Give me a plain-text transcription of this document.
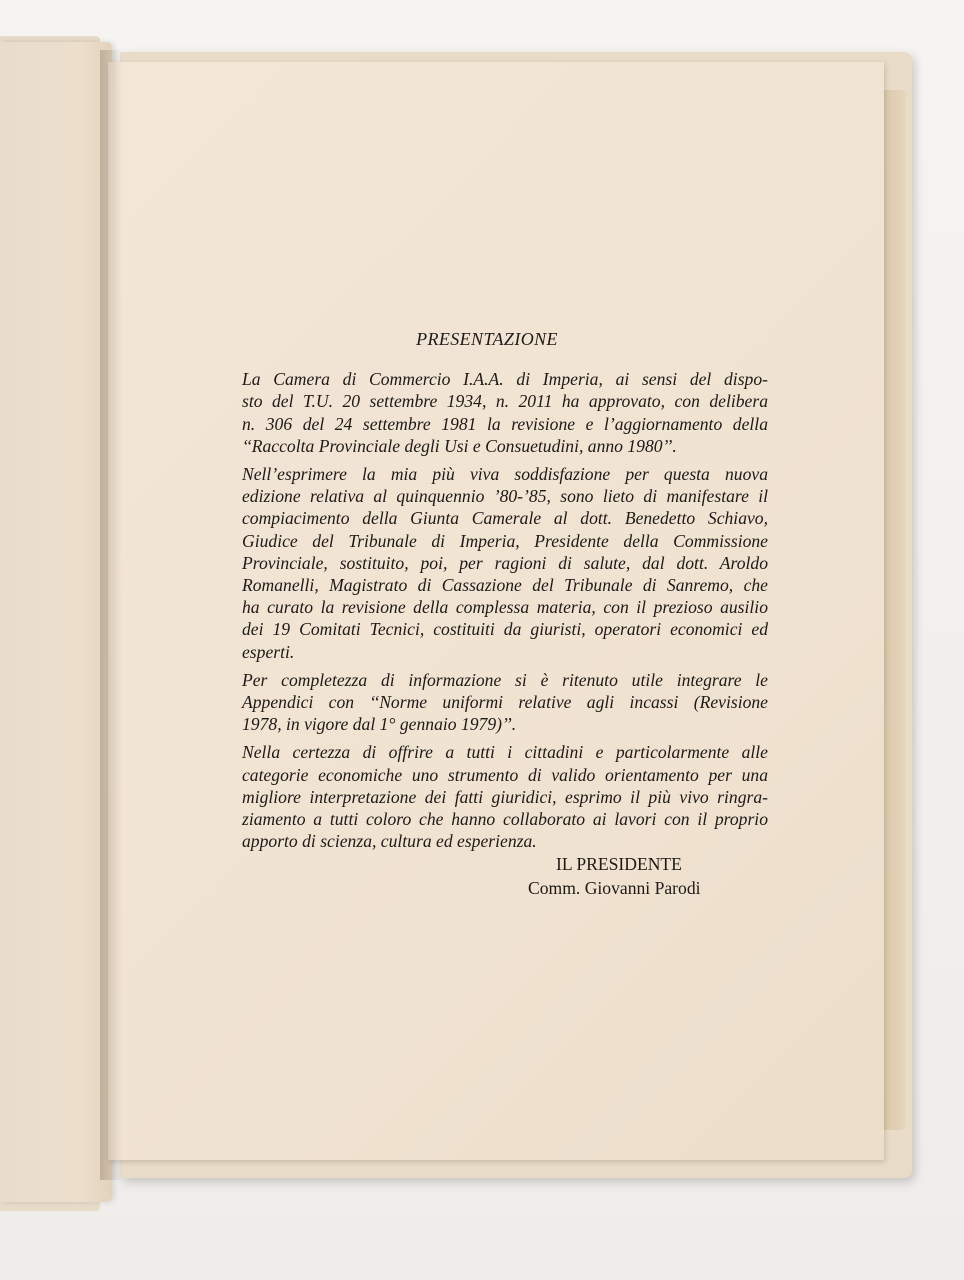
PRESENTAZIONE

La Camera di Commercio I.A.A. di Imperia, ai sensi del dispo-
sto del T.U. 20 settembre 1934, n. 2011 ha approvato, con delibera
n. 306 del 24 settembre 1981 la revisione e l’aggiornamento della
‘‘Raccolta Provinciale degli Usi e Consuetudini, anno 1980’’.

Nell’esprimere la mia più viva soddisfazione per questa nuova
edizione relativa al quinquennio ’80-’85, sono lieto di manifestare il
compiacimento della Giunta Camerale al dott. Benedetto Schiavo,
Giudice del Tribunale di Imperia, Presidente della Commissione
Provinciale, sostituito, poi, per ragioni di salute, dal dott. Aroldo
Romanelli, Magistrato di Cassazione del Tribunale di Sanremo, che
ha curato la revisione della complessa materia, con il prezioso ausilio
dei 19 Comitati Tecnici, costituiti da giuristi, operatori economici ed
esperti.

Per completezza di informazione si è ritenuto utile integrare le
Appendici con ‘‘Norme uniformi relative agli incassi (Revisione
1978, in vigore dal 1° gennaio 1979)’’.

Nella certezza di offrire a tutti i cittadini e particolarmente alle
categorie economiche uno strumento di valido orientamento per una
migliore interpretazione dei fatti giuridici, esprimo il più vivo ringra-
ziamento a tutti coloro che hanno collaborato ai lavori con il proprio
apporto di scienza, cultura ed esperienza.

IL PRESIDENTE
Comm. Giovanni Parodi
